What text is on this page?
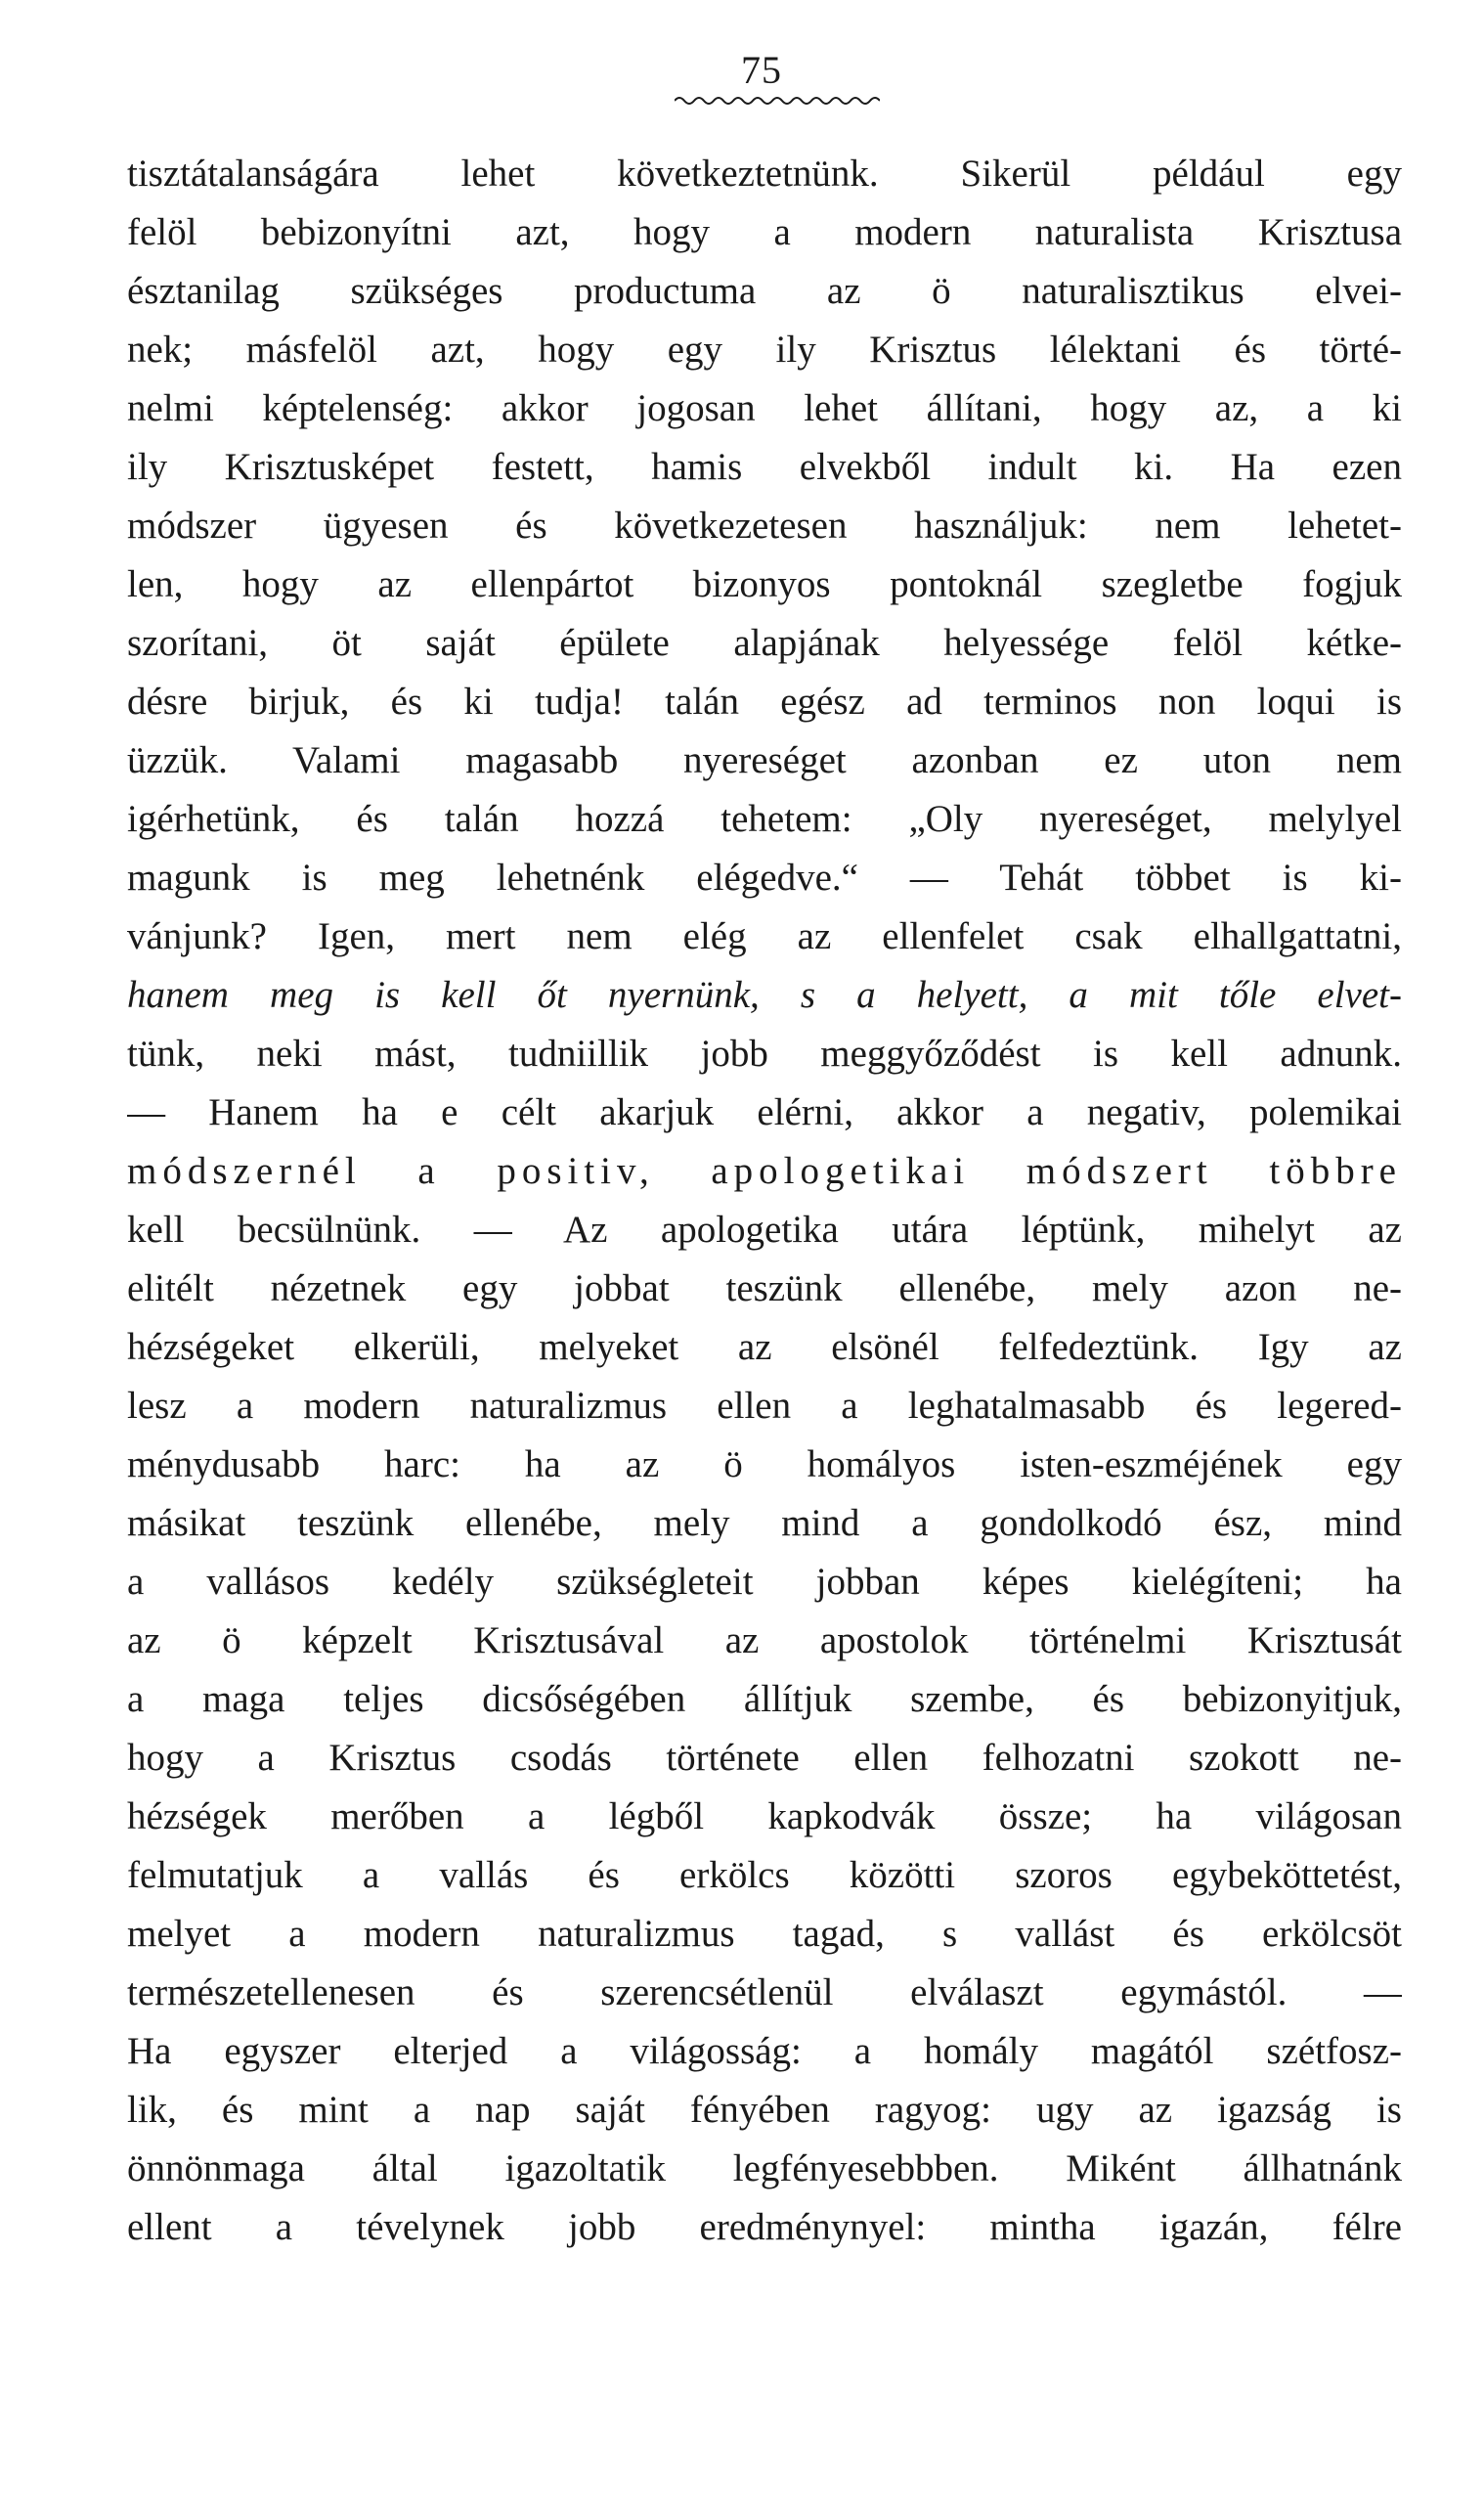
75
tisztátalanságára lehet következtetnünk. Sikerül például egy
felöl bebizonyítni azt, hogy a modern naturalista Krisztusa
észtanilag szükséges productuma az ö naturalisztikus elvei-
nek; másfelöl azt, hogy egy ily Krisztus lélektani és törté-
nelmi képtelenség: akkor jogosan lehet állítani, hogy az, a ki
ily Krisztusképet festett, hamis elvekből indult ki. Ha ezen
módszer ügyesen és következetesen használjuk: nem lehetet-
len, hogy az ellenpártot bizonyos pontoknál szegletbe fogjuk
szorítani, öt saját épülete alapjának helyessége felöl kétke-
désre birjuk, és ki tudja! talán egész ad terminos non loqui is
üzzük. Valami magasabb nyereséget azonban ez uton nem
igérhetünk, és talán hozzá tehetem: „Oly nyereséget, melylyel
magunk is meg lehetnénk elégedve.“ — Tehát többet is ki-
vánjunk? Igen, mert nem elég az ellenfelet csak elhallgattatni,
hanem meg is kell őt nyernünk, s a helyett, a mit tőle elvet-
tünk, neki mást, tudniillik jobb meggyőződést is kell adnunk.
— Hanem ha e célt akarjuk elérni, akkor a negativ, polemikai
módszernél a positiv, apologetikai módszert többre
kell becsülnünk. — Az apologetika utára léptünk, mihelyt az
elitélt nézetnek egy jobbat teszünk ellenébe, mely azon ne-
hézségeket elkerüli, melyeket az elsönél felfedeztünk. Igy az
lesz a modern naturalizmus ellen a leghatalmasabb és legered-
ménydusabb harc: ha az ö homályos isten-eszméjének egy
másikat teszünk ellenébe, mely mind a gondolkodó ész, mind
a vallásos kedély szükségleteit jobban képes kielégíteni; ha
az ö képzelt Krisztusával az apostolok történelmi Krisztusát
a maga teljes dicsőségében állítjuk szembe, és bebizonyitjuk,
hogy a Krisztus csodás története ellen felhozatni szokott ne-
hézségek merőben a légből kapkodvák össze; ha világosan
felmutatjuk a vallás és erkölcs közötti szoros egybeköttetést,
melyet a modern naturalizmus tagad, s vallást és erkölcsöt
természetellenesen és szerencsétlenül elválaszt egymástól. —
Ha egyszer elterjed a világosság: a homály magától szétfosz-
lik, és mint a nap saját fényében ragyog: ugy az igazság is
önnönmaga által igazoltatik legfényesebbben. Miként állhatnánk
ellent a tévelynek jobb eredménynyel: mintha igazán, félre
